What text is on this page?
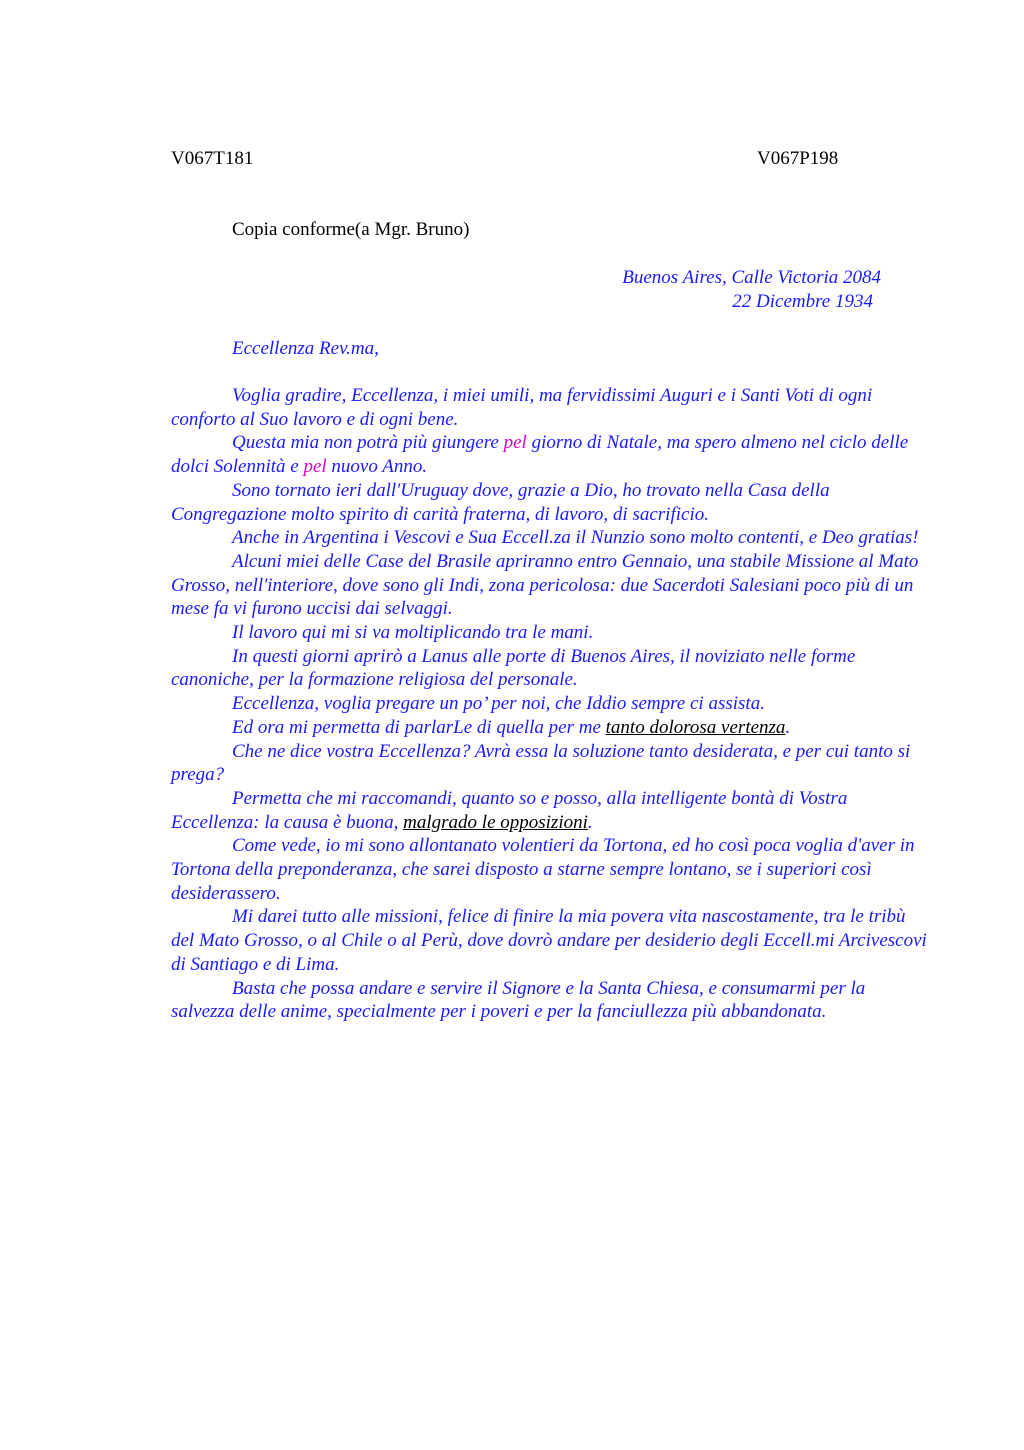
V067T181	V067P198
Copia conforme(a Mgr. Bruno)
Buenos Aires, Calle Victoria 2084
22 Dicembre 1934
Eccellenza Rev.ma,

Voglia gradire, Eccellenza, i miei umili, ma fervidissimi Auguri e i Santi Voti di ogni conforto al Suo lavoro e di ogni bene.

Questa mia non potrà più giungere pel giorno di Natale, ma spero almeno nel ciclo delle dolci Solennità e pel nuovo Anno.

Sono tornato ieri dall'Uruguay dove, grazie a Dio, ho trovato nella Casa della Congregazione molto spirito di carità fraterna, di lavoro, di sacrificio.

Anche in Argentina i Vescovi e Sua Eccell.za il Nunzio sono molto contenti, e Deo gratias!

Alcuni miei delle Case del Brasile apriranno entro Gennaio, una stabile Missione al Mato Grosso, nell'interiore, dove sono gli Indi, zona pericolosa: due Sacerdoti Salesiani poco più di un mese fa vi furono uccisi dai selvaggi.

Il lavoro qui mi si va moltiplicando tra le mani.

In questi giorni aprirò a Lanus alle porte di Buenos Aires, il noviziato nelle forme canoniche, per la formazione religiosa del personale.

Eccellenza, voglia pregare un po’ per noi, che Iddio sempre ci assista.

Ed ora mi permetta di parlarLe di quella per me tanto dolorosa vertenza.

Che ne dice vostra Eccellenza? Avrà essa la soluzione tanto desiderata, e per cui tanto si prega?

Permetta che mi raccomandi, quanto so e posso, alla intelligente bontà di Vostra Eccellenza: la causa è buona, malgrado le opposizioni.

Come vede, io mi sono allontanato volentieri da Tortona, ed ho così poca voglia d'aver in Tortona della preponderanza, che sarei disposto a starne sempre lontano, se i superiori così desiderassero.

Mi darei tutto alle missioni, felice di finire la mia povera vita nascostamente, tra le tribù del Mato Grosso, o al Chile o al Perù, dove dovrò andare per desiderio degli Eccell.mi Arcivescovi di Santiago e di Lima.

Basta che possa andare e servire il Signore e la Santa Chiesa, e consumarmi per la salvezza delle anime, specialmente per i poveri e per la fanciullezza più abbandonata.
